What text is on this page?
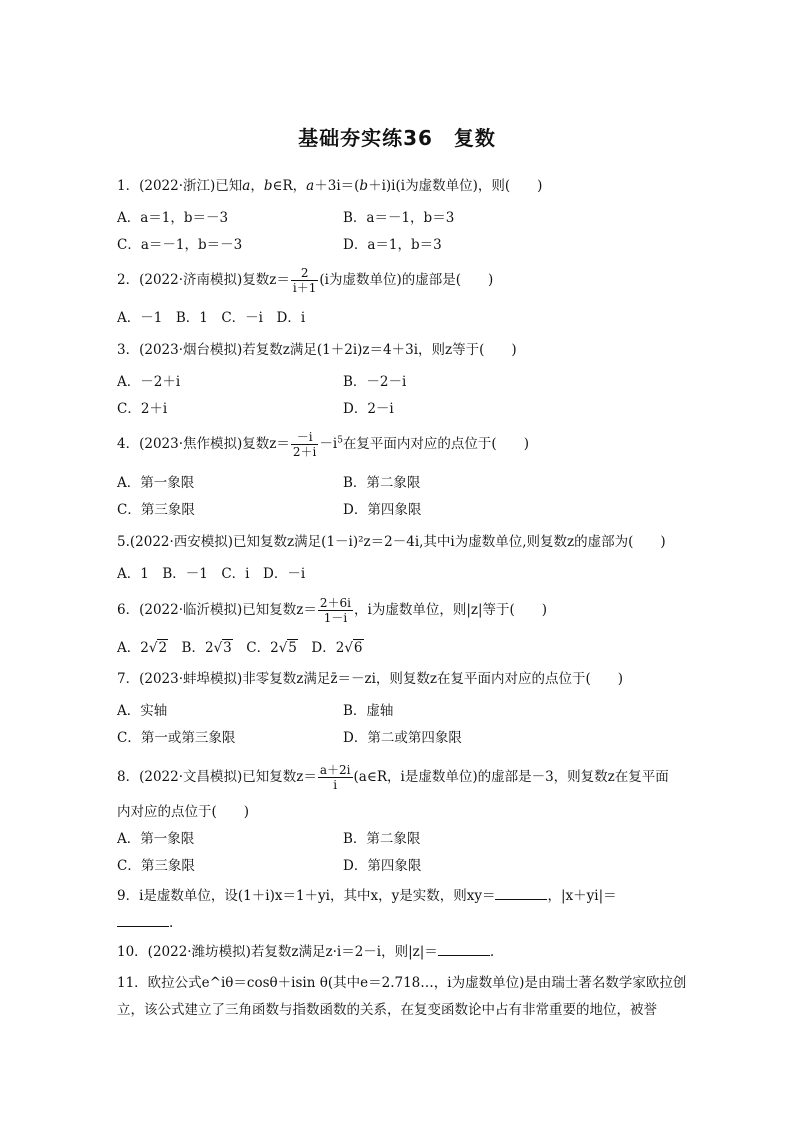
基础夯实练36　复数
1．(2022·浙江)已知a，b∈R，a＋3i＝(b＋i)i(i为虚数单位)，则(　　)
A．a＝1，b＝－3	B．a＝－1，b＝3
C．a＝－1，b＝－3	D．a＝1，b＝3
2．(2022·济南模拟)复数$z= \frac{2}{i+1} (i$为虚数单位)的虚部是(　　)
A．－1　B．1　C．－i　D．i
3．(2023·烟台模拟)若复数z满足(1＋2i)z＝4＋3i，则z等于(　　)
A．－2＋i	B．－2－i
C．2＋i	D．2－i
4．(2023·焦作模拟)复数$z= \frac{-i}{2+i} -i^5$在复平面内对应的点位于(　　)
A．第一象限	B．第二象限
C．第三象限	D．第四象限
5.(2022·西安模拟)已知复数z满足(1－i)²z＝2－4i,其中i为虚数单位,则复数z的虚部为(　　)
A．1　B．－1　C．i　D．－i
6．(2022·临沂模拟)已知复数$z= \frac{2+6i}{1-i}$ ，i为虚数单位，则|z|等于(　　)
A．2√2　B．2√3　C．2√5　D．2√6
7．(2023·蚌埠模拟)非零复数z满足z̄＝－zi，则复数z在复平面内对应的点位于(　　)
A．实轴	B．虚轴
C．第一或第三象限	D．第二或第四象限
8．(2022·文昌模拟)已知复数$z= \frac{a+2i}{i}$ (a∈R，i是虚数单位)的虚部是－3，则复数z在复平面
内对应的点位于(　　)
A．第一象限	B．第二象限
C．第三象限	D．第四象限
9．i是虚数单位，设(1＋i)x＝1＋yi，其中x，y是实数，则xy＝	，|x＋yi|＝
.
10．(2022·潍坊模拟)若复数z满足z·i＝2－i，则|z|＝	.
11．欧拉公式e^iθ＝cosθ＋isin θ(其中e＝2.718…，i为虚数单位)是由瑞士著名数学家欧拉创
立，该公式建立了三角函数与指数函数的关系，在复变函数论中占有非常重要的地位，被誉
